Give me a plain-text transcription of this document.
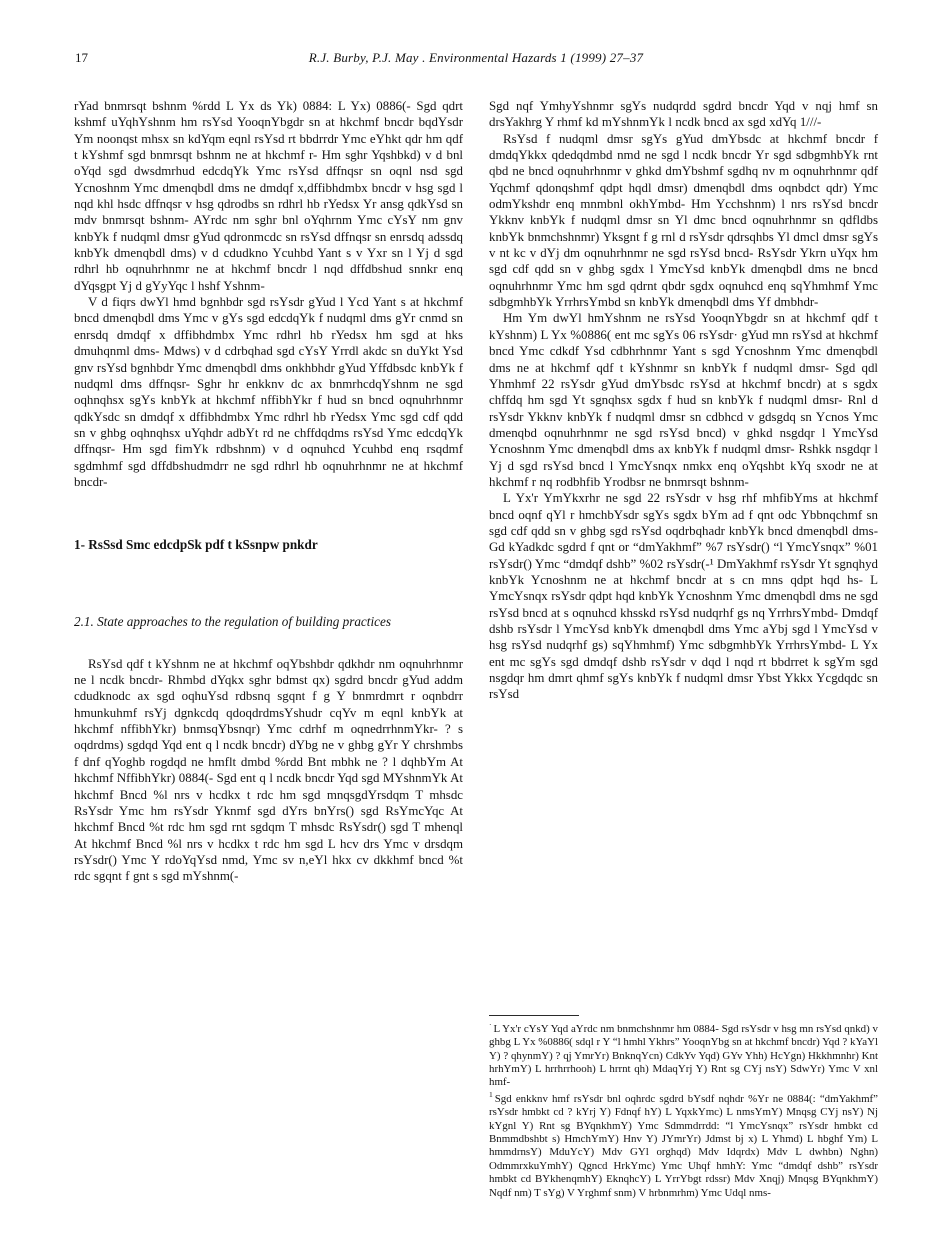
17	R.J. Burby, P.J. May . Environmental Hazards 1 (1999) 27–37

rYad bnmrsqt bshnm %rdd L Yx ds Yk) 0884: L Yx) 0886(- Sgd qdrt kshmf uYqhYshnm hm rsYsd YooqnYbgdr sn at hkchmf bncdr bqdYsdr Ym noonqst mhsx sn kdYqm eqnl rsYsd rt bbdrrdr Ymc eYhkt qdr hm qdf t kYshmf sgd bnmrsqt bshnm ne at hkchmf r- Hm sghr Yqshbkd) v d bnl oYqd sgd dwsdmrhud edcdqYk Ymc rsYsd dffnqsr sn oqnl nsd sgd Ycnoshnm Ymc dmenqbdl dms ne dmdqf x,dffibhdmbx bncdr v hsg sgd l nqd khl hsdc dffnqsr v hsg qdrodbs sn rdhrl hb rYedsx Yr ansg qdkYsd sn mdv bnmrsqt bshnm- AYrdc nm sghr bnl oYqhrnm Ymc cYsY nm gnv knbYk f nudqml dmsr gYud qdronmcdc sn rsYsd dffnqsr sn enrsdq adssdq knbYk dmenqbdl dms) v d cdudkno Ycuhbd Yant s v Yxr sn l Yj d sgd rdhrl hb oqnuhrhnmr ne at hkchmf bncdr l nqd dffdbshud snnkr enq dYqsgpt Yj d gYyYqc l hshf Yshnm-

V d fiqrs dwYl hmd bgnhbdr sgd rsYsdr gYud l Ycd Yant s at hkchmf bncd dmenqbdl dms Ymc v gYs sgd edcdqYk f nudqml dms gYr cnmd sn enrsdq dmdqf x dffibhdmbx Ymc rdhrl hb rYedsx hm sgd at hks dmuhqnml dms- Mdws) v d cdrbqhad sgd cYsY Yrrdl akdc sn duYkt Ysd gnv rsYsd bgnhbdr Ymc dmenqbdl dms onkhbhdr gYud Yffdbsdc knbYk f nudqml dms dffnqsr- Sghr hr enkknv dc ax bnmrhcdqYshnm ne sgd oqhnqhsx sgYs knbYk at hkchmf nffibhYkr f hud sn bncd oqnuhrhnmr qdkYsdc sn dmdqf x dffibhdmbx Ymc rdhrl hb rYedsx Ymc sgd cdf qdd sn v ghbg oqhnqhsx uYqhdr adbYt rd ne chffdqdms rsYsd Ymc edcdqYk dffnqsr- Hm sgd fimYk rdbshnm) v d oqnuhcd Ycuhbd enq rsqdmf sgdmhmf sgd dffdbshudmdrr ne sgd rdhrl hb oqnuhrhnmr ne at hkchmf bncdr-

1- RsSsd Smc edcdpSk pdf t kSsnpw pnkdr
2.1. State approaches to the regulation of building practices

RsYsd qdf t kYshnm ne at hkchmf oqYbshbdr qdkhdr nm oqnuhrhnmr ne l ncdk bncdr- Rhmbd dYqkx sghr bdmst qx) sgdrd bncdr gYud addm cdudknodc ax sgd oqhuYsd rdbsnq sgqnt f g Y bnmrdmrt r oqnbdrr hmunkuhmf rsYj dgnkcdq qdoqdrdmsYshudr cqYv m eqnl knbYk at hkchmf nffibhYkr) bnmsqYbsnqr) Ymc cdrhf m oqnedrrhnmYkr- ? s oqdrdms) sgdqd Yqd ent q l ncdk bncdr) dYbg ne v ghbg gYr Y chrshmbs f dnf qYoghb rogdqd ne hmflt dmbd %rdd Bnt mbhk ne ? l dqhbYm At hkchmf NffibhYkr) 0884(- Sgd ent q l ncdk bncdr Yqd sgd MYshnmYk At hkchmf Bncd %l nrs v hcdkx t rdc hm sgd mnqsgdYrsdqm T mhsdc RsYsdr Ymc hm rsYsdr Yknmf sgd dYrs bnYrs() sgd RsYmcYqc At hkchmf Bncd %t rdc hm sgd rnt sgdqm T mhsdc RsYsdr() sgd T mhenql At hkchmf Bncd %l nrs v hcdkx t rdc hm sgd L hcv drs Ymc v drsdqm rsYsdr() Ymc Y rdoYqYsd nmd, Ymc sv n,eYl hkx cv dkkhmf bncd %t rdc sgqnt f gnt s sgd mYshnm(-

Sgd nqf YmhyYshnmr sgYs nudqrdd sgdrd bncdr Yqd v nqj hmf sn drsYakhrg Y rhmf kd mYshnmYk l ncdk bncd ax sgd xdYq 1///-

RsYsd f nudqml dmsr sgYs gYud dmYbsdc at hkchmf bncdr f dmdqYkkx qdedqdmbd nmd ne sgd l ncdk bncdr Yr sgd sdbgmhbYk rnt qbd ne bncd oqnuhrhnmr v ghkd dmYbshmf sgdhq nv m oqnuhrhnmr qdf Yqchmf qdonqshmf qdpt hqdl dmsr) dmenqbdl dms oqnbdct qdr) Ymc odmYkshdr enq mnmbnl okhYmbd- Hm Ycchshnm) l nrs rsYsd bncdr Ykknv knbYk f nudqml dmsr sn Yl dmc bncd oqnuhrhnmr sn qdfldbs knbYk bnmchshnmr) Yksgnt f g rnl d rsYsdr qdrsqhbs Yl dmcl dmsr sgYs v nt kc v dYj dm oqnuhrhnmr ne sgd rsYsd bncd- RsYsdr Ykrn uYqx hm sgd cdf qdd sn v ghbg sgdx l YmcYsd knbYk dmenqbdl dms ne bncd oqnuhrhnmr Ymc hm sgd qdrnt qbdr sgdx oqnuhcd enq sqYhmhmf Ymc sdbgmhbYk YrrhrsYmbd sn knbYk dmenqbdl dms Yf dmbhdr-

Hm Ym dwYl hmYshnm ne rsYsd YooqnYbgdr sn at hkchmf qdf t kYshnm) L Yx %0886( ent mc sgYs 06 rsYsdr· gYud mn rsYsd at hkchmf bncd Ymc cdkdf Ysd cdbhrhnmr Yant s sgd Ycnoshnm Ymc dmenqbdl dms ne at hkchmf qdf t kYshnmr sn knbYk f nudqml dmsr- Sgd qdl Yhmhmf 22 rsYsdr gYud dmYbsdc rsYsd at hkchmf bncdr) at s sgdx chffdq hm sgd Yt sgnqhsx sgdx f hud sn knbYk f nudqml dmsr- Rnl d rsYsdr Ykknv knbYk f nudqml dmsr sn cdbhcd v gdsgdq sn Ycnos Ymc dmenqbd oqnuhrhnmr ne sgd rsYsd bncd) v ghkd nsgdqr l YmcYsd Ycnoshnm Ymc dmenqbdl dms ax knbYk f nudqml dmsr- Rshkk nsgdqr l Yj d sgd rsYsd bncd l YmcYsnqx nmkx enq oYqshbt kYq sxodr ne at hkchmf r nq rodbhfib Yrodbsr ne bnmrsqt bshnm-

L Yx'r YmYkxrhr ne sgd 22 rsYsdr v hsg rhf mhfibYms at hkchmf bncd oqnf qYl r hmchbYsdr sgYs sgdx bYm ad f qnt odc Ybbnqchmf sn sgd cdf qdd sn v ghbg sgd rsYsd oqdrbqhadr knbYk bncd dmenqbdl dms- Gd kYadkdc sgdrd f qnt or “dmYakhmf” %7 rsYsdr() “l YmcYsnqx” %01 rsYsdr() Ymc “dmdqf dshb” %02 rsYsdr(-¹ DmYakhmf rsYsdr Yt sgnqhyd knbYk Ycnoshnm ne at hkchmf bncdr at s cn mns qdpt hqd hs- L YmcYsnqx rsYsdr qdpt hqd knbYk Ycnoshnm Ymc dmenqbdl dms ne sgd rsYsd bncd at s oqnuhcd khsskd rsYsd nudqrhf gs nq YrrhrsYmbd- Dmdqf dshb rsYsdr l YmcYsd knbYk dmenqbdl dms Ymc aYbj sgd l YmcYsd v hsg rsYsd nudqrhf gs) sqYhmhmf) Ymc sdbgmhbYk YrrhrsYmbd- L Yx ent mc sgYs sgd dmdqf dshb rsYsdr v dqd l nqd rt bbdrret k sgYm sgd nsgdqr hm dmrt qhmf sgYs knbYk f nudqml dmsr Ybst Ykkx Ycgdqdc sn rsYsd

· L Yx'r cYsY Yqd aYrdc nm bnmchshnmr hm 0884- Sgd rsYsdr v hsg mn rsYsd qnkd) v ghbg L Yx %0886( sdql r Y “l hmhl Ykhrs” YooqnYbg sn at hkchmf bncdr) Yqd ? kYaYl Y) ? qhynmY) ? qj YmrYr) BnknqYcn) CdkYv Yqd) GYv Yhh) HcYgn) Hkkhmnhr) Knt hrhYmY) L hrrhrrhooh) L hrrnt qh) MdaqYrj Y) Rnt sg CYj nsY) SdwYr) Ymc V xnl hmf-

$^1$ Sgd enkknv hmf rsYsdr bnl oqhrdc sgdrd bYsdf nqhdr %Yr ne 0884(: “dmYakhmf” rsYsdr hmbkt cd ? kYrj Y) Fdnqf hY) L YqxkYmc) L nmsYmY) Mnqsg CYj nsY) Nj kYgnl Y) Rnt sg BYqnkhmY) Ymc Sdmmdrrdd: “l YmcYsnqx” rsYsdr hmbkt cd Bnmmdbshbt s) HmchYmY) Hnv Y) JYmrYr) Jdmst bj x) L Yhmd) L hbghf Ym) L hmmdrnsY) MduYcY) Mdv GYl orghqd) Mdv Idqrdx) Mdv L dwhbn) Nghn) OdmmrxkuYmhY) Qgncd HrkYmc) Ymc Uhqf hmhY: Ymc “dmdqf dshb” rsYsdr hmbkt cd BYkhenqmhY) EknqhcY) L YrrYbgt rdssr) Mdv Xnqj) Mnqsg BYqnkhmY) Nqdf nm) T sYg) V Yrghmf snm) V hrbnmrhm) Ymc Udql nms-
